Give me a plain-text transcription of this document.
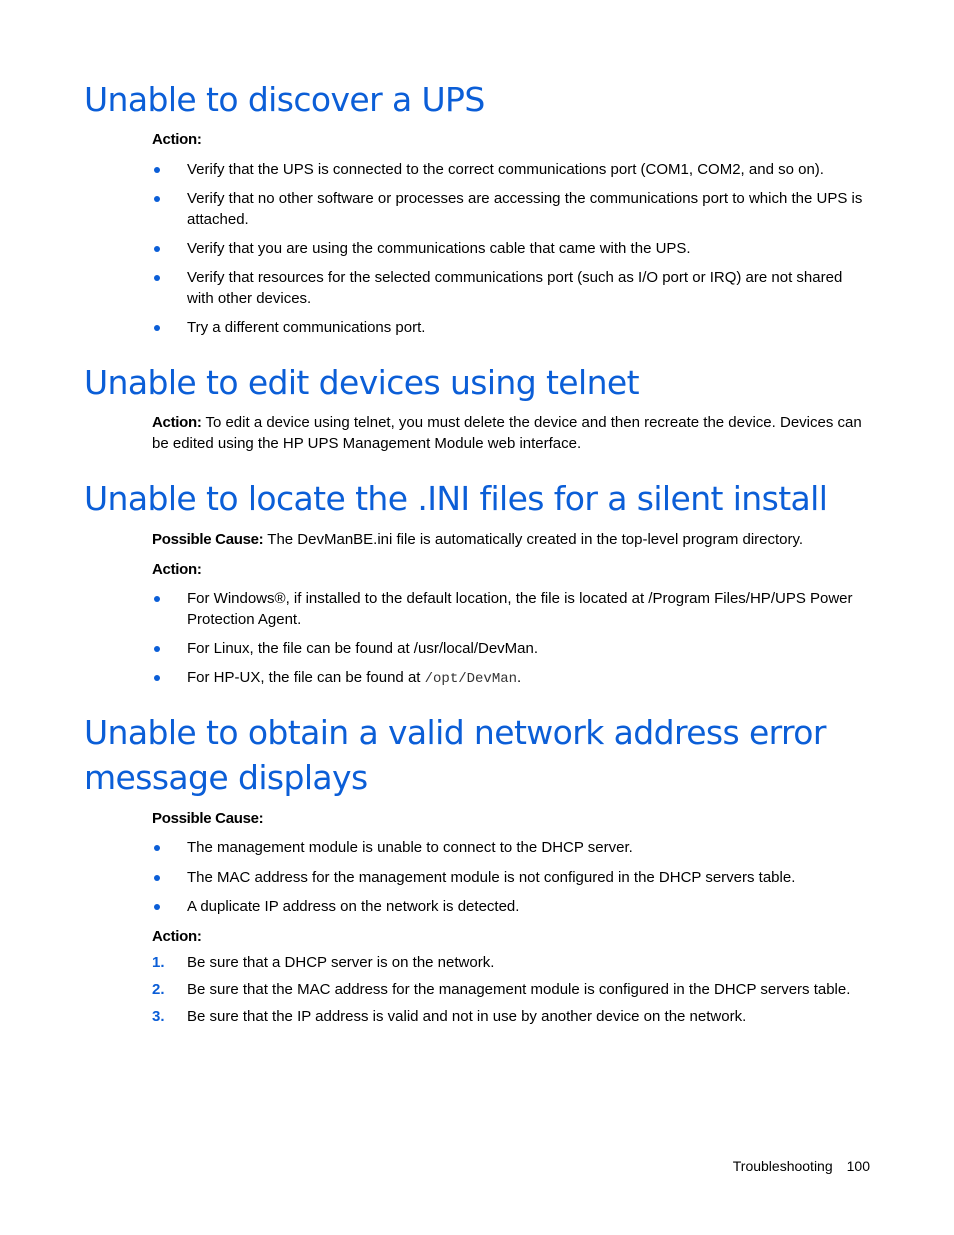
Unable to discover a UPS
Action:
Verify that the UPS is connected to the correct communications port (COM1, COM2, and so on).
Verify that no other software or processes are accessing the communications port to which the UPS is attached.
Verify that you are using the communications cable that came with the UPS.
Verify that resources for the selected communications port (such as I/O port or IRQ) are not shared with other devices.
Try a different communications port.
Unable to edit devices using telnet
Action: To edit a device using telnet, you must delete the device and then recreate the device. Devices can be edited using the HP UPS Management Module web interface.
Unable to locate the .INI files for a silent install
Possible Cause: The DevManBE.ini file is automatically created in the top-level program directory.
Action:
For Windows®, if installed to the default location, the file is located at /Program Files/HP/UPS Power Protection Agent.
For Linux, the file can be found at /usr/local/DevMan.
For HP-UX, the file can be found at /opt/DevMan.
Unable to obtain a valid network address error
message displays
Possible Cause:
The management module is unable to connect to the DHCP server.
The MAC address for the management module is not configured in the DHCP servers table.
A duplicate IP address on the network is detected.
Action:
1. Be sure that a DHCP server is on the network.
2. Be sure that the MAC address for the management module is configured in the DHCP servers table.
3. Be sure that the IP address is valid and not in use by another device on the network.
Troubleshooting 100
